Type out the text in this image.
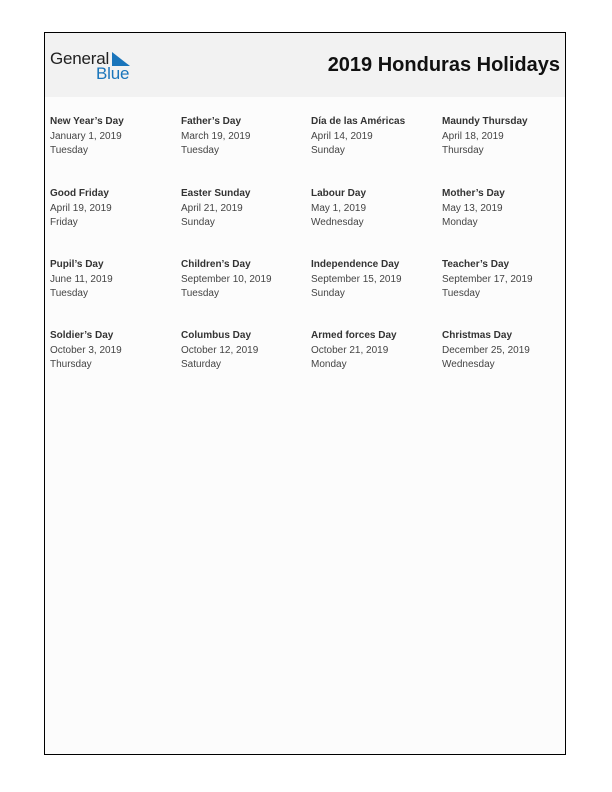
General
Blue	2019 Honduras Holidays
New Year’s Day
January 1, 2019
Tuesday
Father’s Day
March 19, 2019
Tuesday
Día de las Américas
April 14, 2019
Sunday
Maundy Thursday
April 18, 2019
Thursday
Good Friday
April 19, 2019
Friday
Easter Sunday
April 21, 2019
Sunday
Labour Day
May 1, 2019
Wednesday
Mother’s Day
May 13, 2019
Monday
Pupil’s Day
June 11, 2019
Tuesday
Children’s Day
September 10, 2019
Tuesday
Independence Day
September 15, 2019
Sunday
Teacher’s Day
September 17, 2019
Tuesday
Soldier’s Day
October 3, 2019
Thursday
Columbus Day
October 12, 2019
Saturday
Armed forces Day
October 21, 2019
Monday
Christmas Day
December 25, 2019
Wednesday
